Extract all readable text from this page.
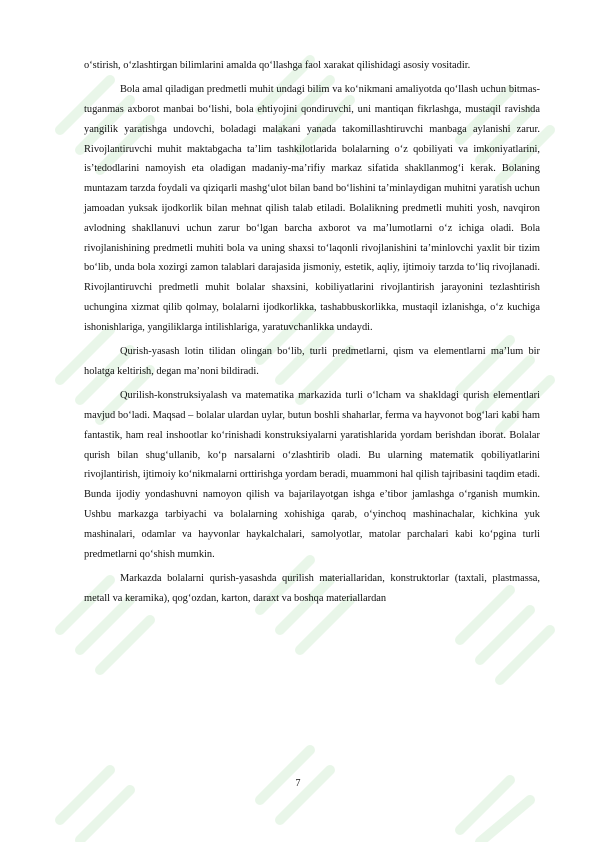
o‘stirish, o‘zlashtirgan bilimlarini amalda qo‘llashga faol xarakat qilishidagi asosiy vositadir.

Bola amal qiladigan predmetli muhit undagi bilim va ko‘nikmani amaliyotda qo‘llash uchun bitmas-tuganmas axborot manbai bo‘lishi, bola ehtiyojini qondiruvchi, uni mantiqan fikrlashga, mustaqil ravishda yangilik yaratishga undovchi, boladagi malakani yanada takomillashtiruvchi manbaga aylanishi zarur. Rivojlantiruvchi muhit maktabgacha ta’lim tashkilotlarida bolalarning o‘z qobiliyati va imkoniyatlarini, is’tedodlarini namoyish eta oladigan madaniy-ma’rifiy markaz sifatida shakllanmog‘i kerak. Bolaning muntazam tarzda foydali va qiziqarli mashg‘ulot bilan band bo‘lishini ta’minlaydigan muhitni yaratish uchun jamoadan yuksak ijodkorlik bilan mehnat qilish talab etiladi. Bolalikning predmetli muhiti yosh, navqiron avlodning shakllanuvi uchun zarur bo‘lgan barcha axborot va ma’lumotlarni o‘z ichiga oladi. Bola rivojlanishining predmetli muhiti bola va uning shaxsi to‘laqonli rivojlanishini ta’minlovchi yaxlit bir tizim bo‘lib, unda bola xozirgi zamon talablari darajasida jismoniy, estetik, aqliy, ijtimoiy tarzda to‘liq rivojlanadi. Rivojlantiruvchi predmetli muhit bolalar shaxsini, kobiliyatlarini rivojlantirish jarayonini tezlashtirish uchungina xizmat qilib qolmay, bolalarni ijodkorlikka, tashabbuskorlikka, mustaqil izlanishga, o‘z kuchiga ishonishlariga, yangiliklarga intilishlariga, yaratuvchanlikka undaydi.

Qurish-yasash lotin tilidan olingan bo‘lib, turli predmetlarni, qism va elementlarni ma’lum bir holatga keltirish, degan ma’noni bildiradi.

Qurilish-konstruksiyalash va matematika markazida turli o‘lcham va shakldagi qurish elementlari mavjud bo‘ladi. Maqsad – bolalar ulardan uylar, butun boshli shaharlar, ferma va hayvonot bog‘lari kabi ham fantastik, ham real inshootlar ko‘rinishadi konstruksiyalarni yaratishlarida yordam berishdan iborat. Bolalar qurish bilan shug‘ullanib, ko‘p narsalarni o‘zlashtirib oladi. Bu ularning matematik qobiliyatlarini rivojlantirish, ijtimoiy ko‘nikmalarni orttirishga yordam beradi, muammoni hal qilish tajribasini taqdim etadi. Bunda ijodiy yondashuvni namoyon qilish va bajarilayotgan ishga e’tibor jamlashga o‘rganish mumkin. Ushbu markazga tarbiyachi va bolalarning xohishiga qarab, o‘yinchoq mashinachalar, kichkina yuk mashinalari, odamlar va hayvonlar haykalchalari, samolyotlar, matolar parchalari kabi ko‘pgina turli predmetlarni qo‘shish mumkin.

Markazda bolalarni qurish-yasashda qurilish materiallaridan, konstruktorlar (taxtali, plastmassa, metall va keramika), qog‘ozdan, karton, daraxt va boshqa materiallardan

7
